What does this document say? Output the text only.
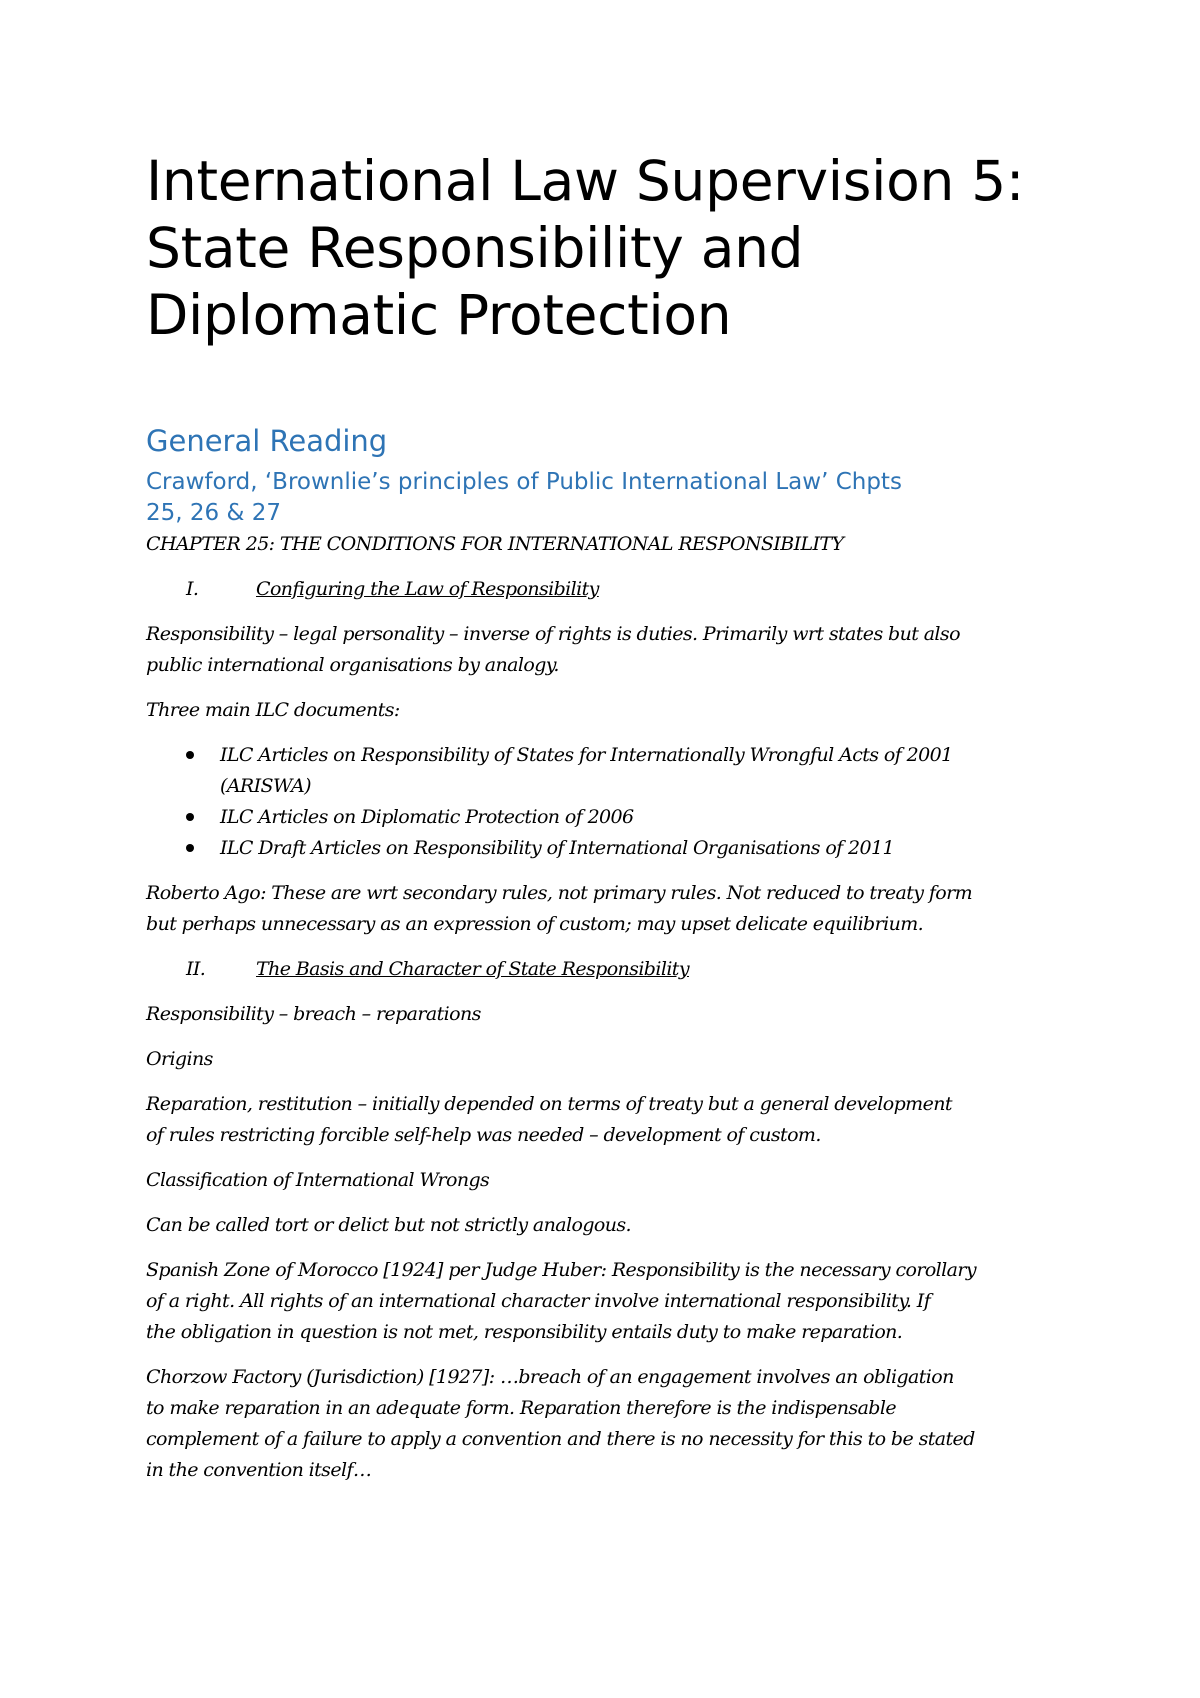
International Law Supervision 5:
State Responsibility and
Diplomatic Protection
General Reading
Crawford, ‘Brownlie’s principles of Public International Law’ Chpts
25, 26 & 27
CHAPTER 25: THE CONDITIONS FOR INTERNATIONAL RESPONSIBILITY
I.	Configuring the Law of Responsibility
Responsibility – legal personality – inverse of rights is duties. Primarily wrt states but also
public international organisations by analogy.
Three main ILC documents:
ILC Articles on Responsibility of States for Internationally Wrongful Acts of 2001
(ARISWA)
ILC Articles on Diplomatic Protection of 2006
ILC Draft Articles on Responsibility of International Organisations of 2011
Roberto Ago: These are wrt secondary rules, not primary rules. Not reduced to treaty form
but perhaps unnecessary as an expression of custom; may upset delicate equilibrium.
II.	The Basis and Character of State Responsibility
Responsibility – breach – reparations
Origins
Reparation, restitution – initially depended on terms of treaty but a general development
of rules restricting forcible self-help was needed – development of custom.
Classification of International Wrongs
Can be called tort or delict but not strictly analogous.
Spanish Zone of Morocco [1924] per Judge Huber: Responsibility is the necessary corollary
of a right. All rights of an international character involve international responsibility. If
the obligation in question is not met, responsibility entails duty to make reparation.
Chorzow Factory (Jurisdiction) [1927]: …breach of an engagement involves an obligation
to make reparation in an adequate form. Reparation therefore is the indispensable
complement of a failure to apply a convention and there is no necessity for this to be stated
in the convention itself…
